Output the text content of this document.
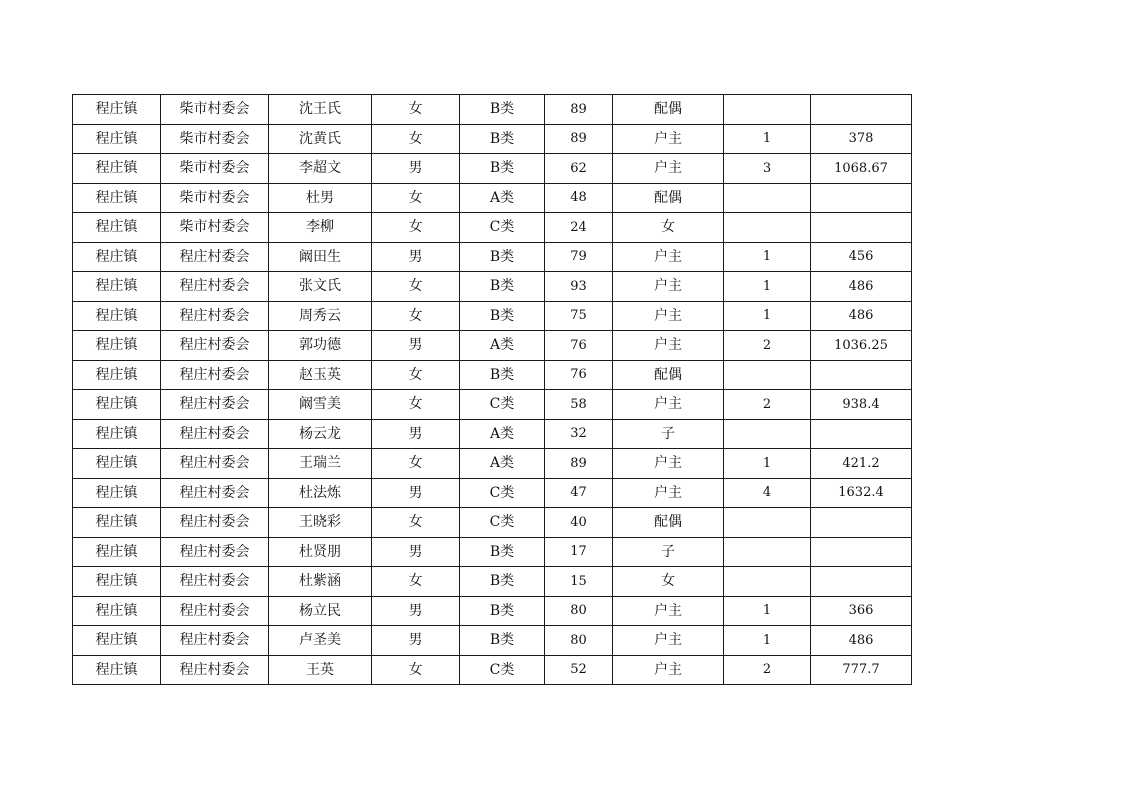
程庄镇	柴市村委会	沈王氏	女	B类	89	配偶		
程庄镇	柴市村委会	沈黄氏	女	B类	89	户主	1	378
程庄镇	柴市村委会	李超文	男	B类	62	户主	3	1068.67
程庄镇	柴市村委会	杜男	女	A类	48	配偶		
程庄镇	柴市村委会	李柳	女	C类	24	女		
程庄镇	程庄村委会	阚田生	男	B类	79	户主	1	456
程庄镇	程庄村委会	张文氏	女	B类	93	户主	1	486
程庄镇	程庄村委会	周秀云	女	B类	75	户主	1	486
程庄镇	程庄村委会	郭功德	男	A类	76	户主	2	1036.25
程庄镇	程庄村委会	赵玉英	女	B类	76	配偶		
程庄镇	程庄村委会	阚雪美	女	C类	58	户主	2	938.4
程庄镇	程庄村委会	杨云龙	男	A类	32	子		
程庄镇	程庄村委会	王瑞兰	女	A类	89	户主	1	421.2
程庄镇	程庄村委会	杜法炼	男	C类	47	户主	4	1632.4
程庄镇	程庄村委会	王晓彩	女	C类	40	配偶		
程庄镇	程庄村委会	杜贤朋	男	B类	17	子		
程庄镇	程庄村委会	杜紫涵	女	B类	15	女		
程庄镇	程庄村委会	杨立民	男	B类	80	户主	1	366
程庄镇	程庄村委会	卢圣美	男	B类	80	户主	1	486
程庄镇	程庄村委会	王英	女	C类	52	户主	2	777.7
